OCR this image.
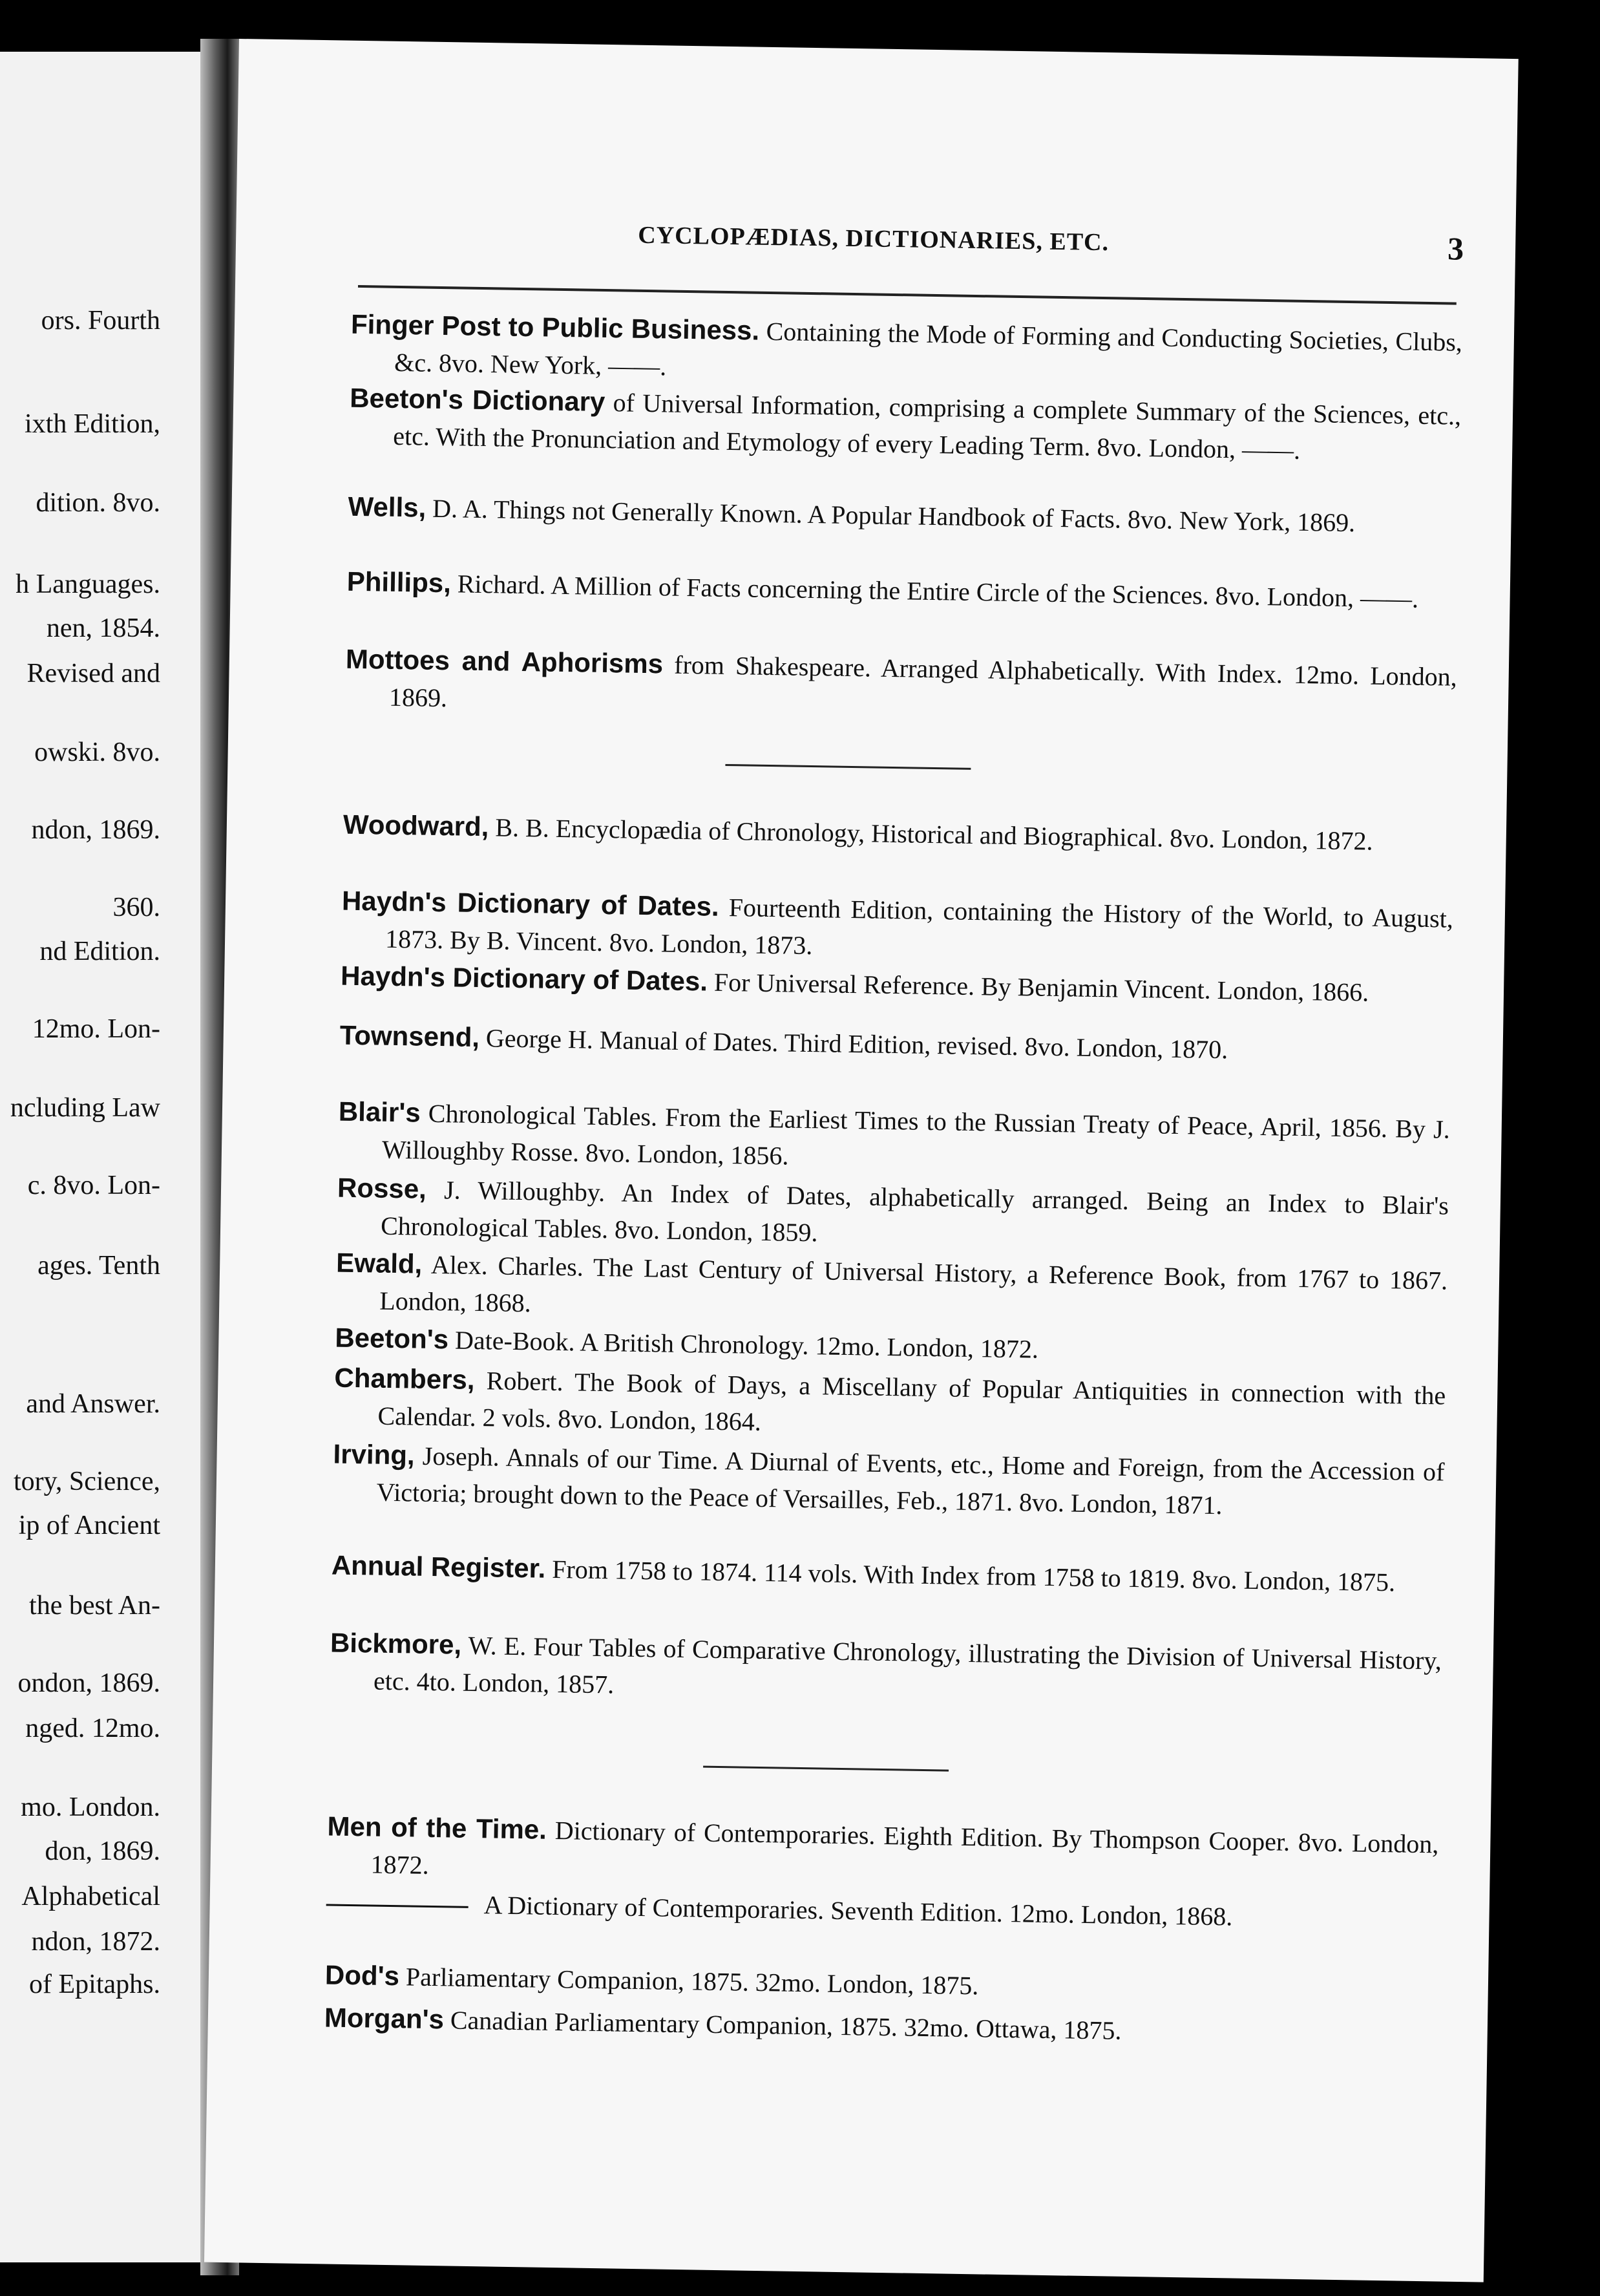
ors. Fourth
ixth Edition,
dition. 8vo.
h Languages.
nen, 1854.
Revised and
owski. 8vo.
ndon, 1869.
360.
nd Edition.
12mo. Lon-
ncluding Law
c. 8vo. Lon-
ages. Tenth
and Answer.
tory, Science,
ip of Ancient
the best An-
ondon, 1869.
nged. 12mo.
mo. London.
don, 1869.
Alphabetical
ndon, 1872.
of Epitaphs.
CYCLOPÆDIAS, DICTIONARIES, ETC.	3
Finger Post to Public Business. Containing the Mode of Forming and Conducting Societies, Clubs, &c. 8vo. New York, ——.
Beeton's Dictionary of Universal Information, comprising a complete Summary of the Sciences, etc., etc. With the Pronunciation and Etymology of every Leading Term. 8vo. London, ——.
Wells, D. A. Things not Generally Known. A Popular Handbook of Facts. 8vo. New York, 1869.
Phillips, Richard. A Million of Facts concerning the Entire Circle of the Sciences. 8vo. London, ——.
Mottoes and Aphorisms from Shakespeare. Arranged Alphabetically. With Index. 12mo. London, 1869.
Woodward, B. B. Encyclopædia of Chronology, Historical and Biographical. 8vo. London, 1872.
Haydn's Dictionary of Dates. Fourteenth Edition, containing the History of the World, to August, 1873. By B. Vincent. 8vo. London, 1873.
Haydn's Dictionary of Dates. For Universal Reference. By Benjamin Vincent. London, 1866.
Townsend, George H. Manual of Dates. Third Edition, revised. 8vo. London, 1870.
Blair's Chronological Tables. From the Earliest Times to the Russian Treaty of Peace, April, 1856. By J. Willoughby Rosse. 8vo. London, 1856.
Rosse, J. Willoughby. An Index of Dates, alphabetically arranged. Being an Index to Blair's Chronological Tables. 8vo. London, 1859.
Ewald, Alex. Charles. The Last Century of Universal History, a Reference Book, from 1767 to 1867. London, 1868.
Beeton's Date-Book. A British Chronology. 12mo. London, 1872.
Chambers, Robert. The Book of Days, a Miscellany of Popular Antiquities in connection with the Calendar. 2 vols. 8vo. London, 1864.
Irving, Joseph. Annals of our Time. A Diurnal of Events, etc., Home and Foreign, from the Accession of Victoria; brought down to the Peace of Versailles, Feb., 1871. 8vo. London, 1871.
Annual Register. From 1758 to 1874. 114 vols. With Index from 1758 to 1819. 8vo. London, 1875.
Bickmore, W. E. Four Tables of Comparative Chronology, illustrating the Division of Universal History, etc. 4to. London, 1857.
Men of the Time. Dictionary of Contemporaries. Eighth Edition. By Thompson Cooper. 8vo. London, 1872.
A Dictionary of Contemporaries. Seventh Edition. 12mo. London, 1868.
Dod's Parliamentary Companion, 1875. 32mo. London, 1875.
Morgan's Canadian Parliamentary Companion, 1875. 32mo. Ottawa, 1875.
